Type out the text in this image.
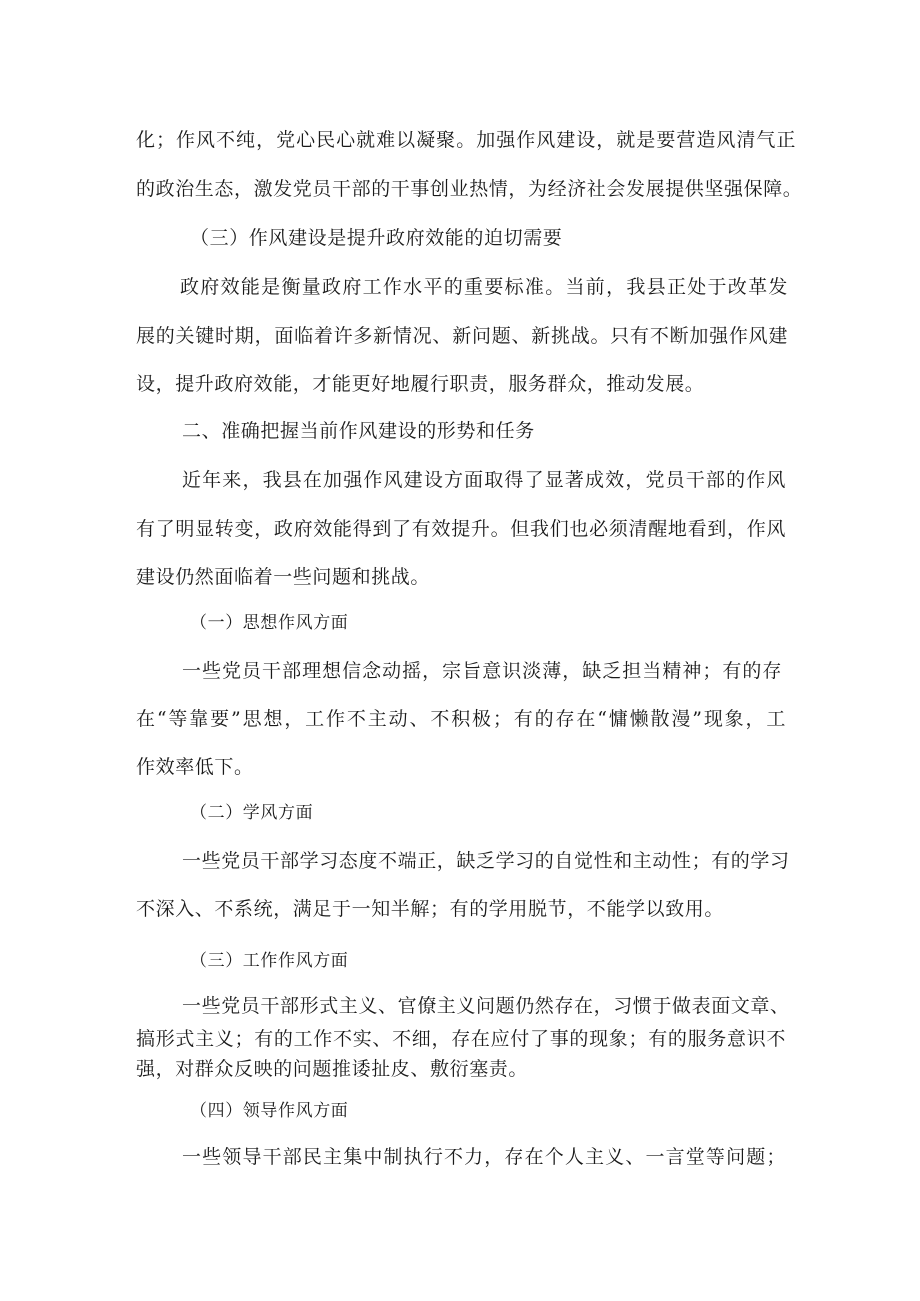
化；作风不纯，党心民心就难以凝聚。加强作风建设，就是要营造风清气正
的政治生态，激发党员干部的干事创业热情，为经济社会发展提供坚强保障。
（三）作风建设是提升政府效能的迫切需要
政府效能是衡量政府工作水平的重要标准。当前，我县正处于改革发
展的关键时期，面临着许多新情况、新问题、新挑战。只有不断加强作风建
设，提升政府效能，才能更好地履行职责，服务群众，推动发展。
二、准确把握当前作风建设的形势和任务
近年来，我县在加强作风建设方面取得了显著成效，党员干部的作风
有了明显转变，政府效能得到了有效提升。但我们也必须清醒地看到，作风
建设仍然面临着一些问题和挑战。
（一）思想作风方面
一些党员干部理想信念动摇，宗旨意识淡薄，缺乏担当精神；有的存
在“等靠要”思想，工作不主动、不积极；有的存在“慵懒散漫”现象，工
作效率低下。
（二）学风方面
一些党员干部学习态度不端正，缺乏学习的自觉性和主动性；有的学习
不深入、不系统，满足于一知半解；有的学用脱节，不能学以致用。
（三）工作作风方面
一些党员干部形式主义、官僚主义问题仍然存在，习惯于做表面文章、
搞形式主义；有的工作不实、不细，存在应付了事的现象；有的服务意识不
强，对群众反映的问题推诿扯皮、敷衍塞责。
（四）领导作风方面
一些领导干部民主集中制执行不力，存在个人主义、一言堂等问题；
